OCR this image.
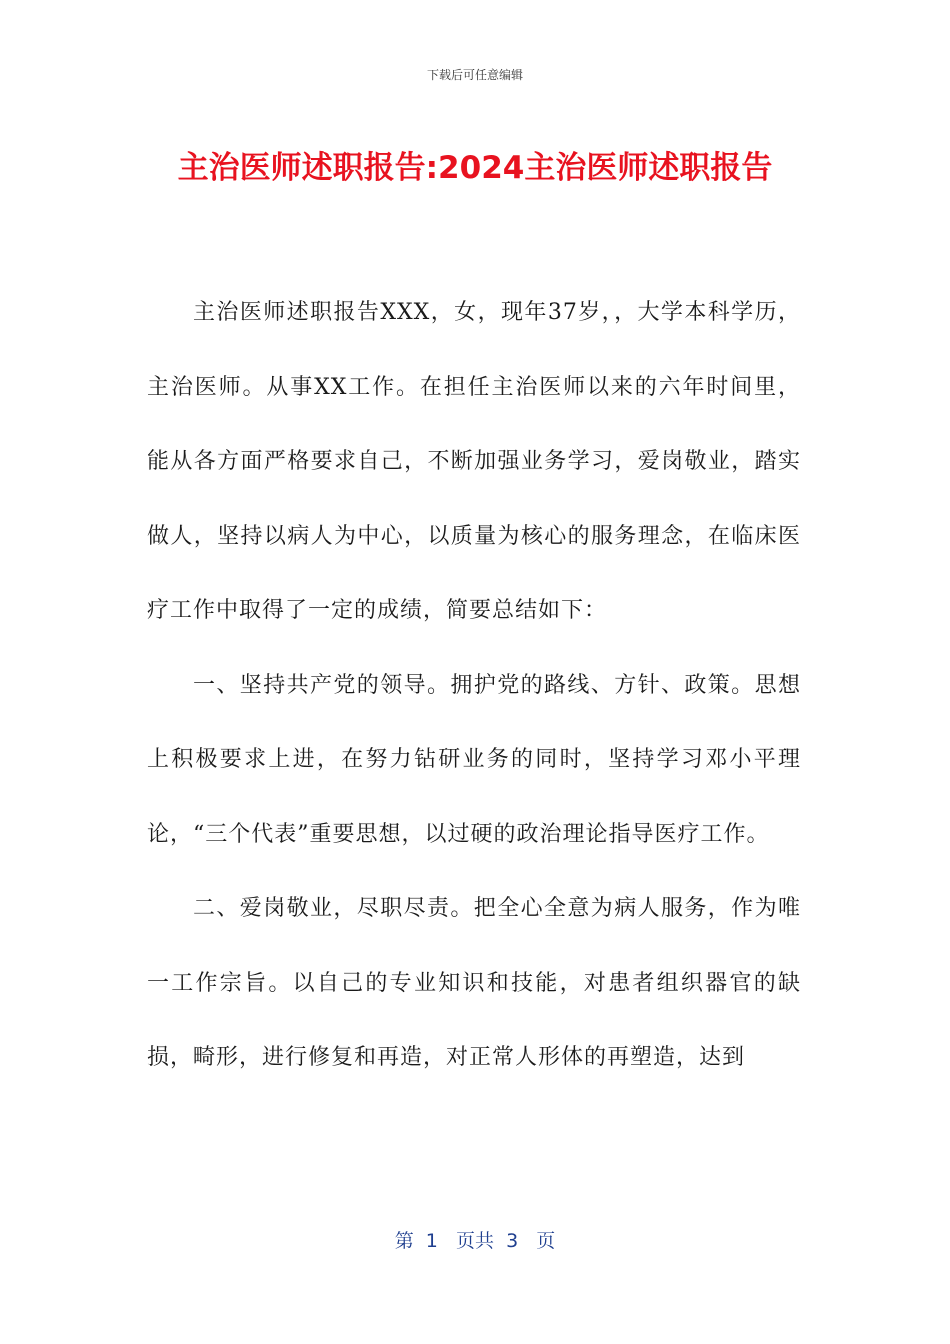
下载后可任意编辑
主治医师述职报告:2024主治医师述职报告

主治医师述职报告XXX，女，现年37岁，，大学本科学历，主治医师。从事XX工作。在担任主治医师以来的六年时间里，能从各方面严格要求自己，不断加强业务学习，爱岗敬业，踏实做人，坚持以病人为中心，以质量为核心的服务理念，在临床医疗工作中取得了一定的成绩，简要总结如下：

一、坚持共产党的领导。拥护党的路线、方针、政策。思想上积极要求上进，在努力钻研业务的同时，坚持学习邓小平理论，“三个代表”重要思想，以过硬的政治理论指导医疗工作。

二、爱岗敬业，尽职尽责。把全心全意为病人服务，作为唯一工作宗旨。以自己的专业知识和技能，对患者组织器官的缺损，畸形，进行修复和再造，对正常人形体的再塑造，达到

第  1   页共  3   页
